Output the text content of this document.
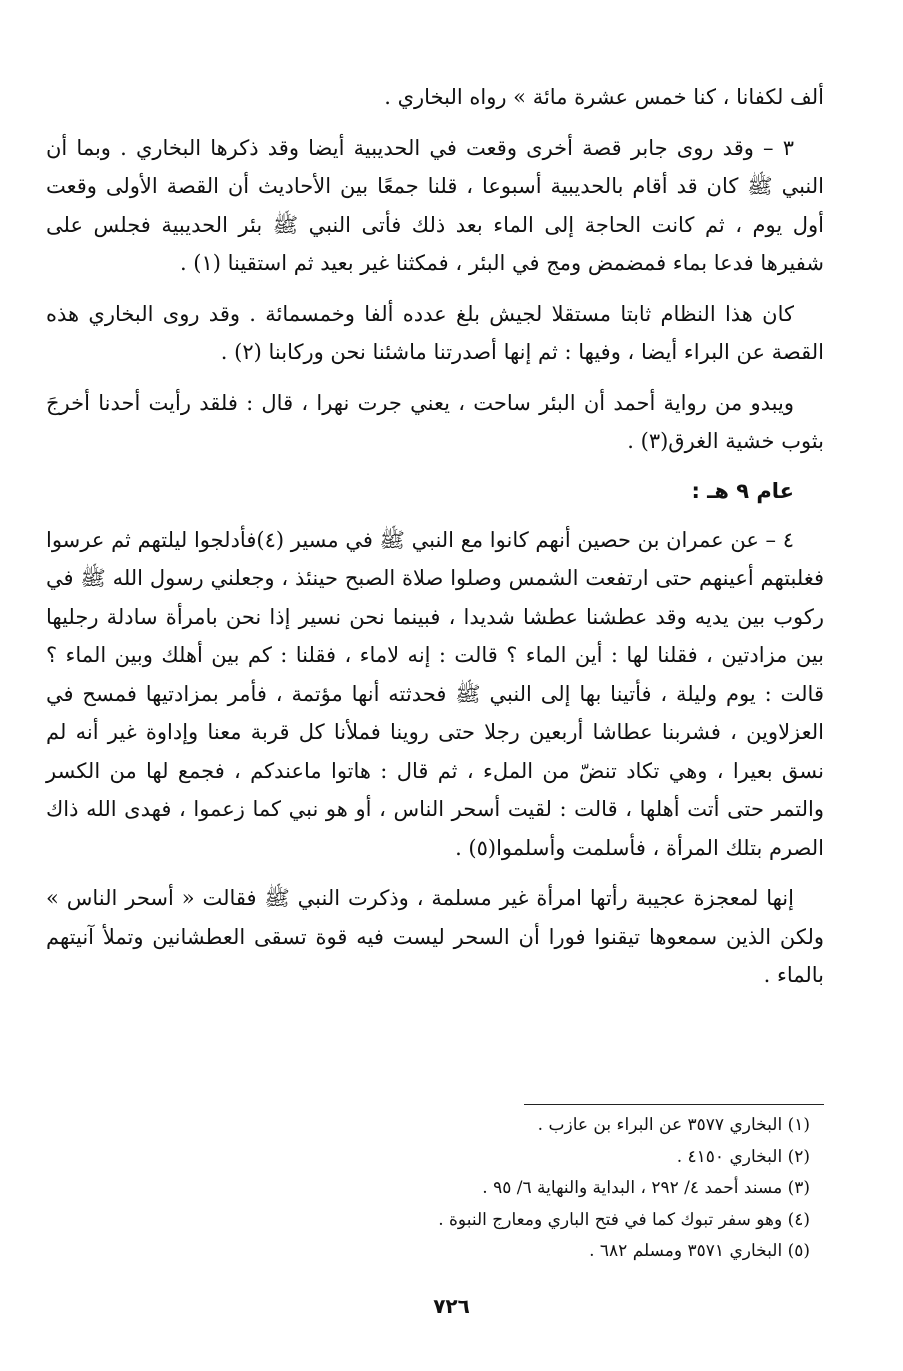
ألف لكفانا ، كنا خمس عشرة مائة » رواه البخاري .

٣ – وقد روى جابر قصة أخرى وقعت في الحديبية أيضا وقد ذكرها البخاري . وبما أن النبي ﷺ كان قد أقام بالحديبية أسبوعا ، قلنا جمعًا بين الأحاديث أن القصة الأولى وقعت أول يوم ، ثم كانت الحاجة إلى الماء بعد ذلك فأتى النبي ﷺ بئر الحديبية فجلس على شفيرها فدعا بماء فمضمض ومج في البئر ، فمكثنا غير بعيد ثم استقينا (١) .

كان هذا النظام ثابتا مستقلا لجيش بلغ عدده ألفا وخمسمائة . وقد روى البخاري هذه القصة عن البراء أيضا ، وفيها : ثم إنها أصدرتنا ماشئنا نحن وركابنا (٢) .

ويبدو من رواية أحمد أن البئر ساحت ، يعني جرت نهرا ، قال : فلقد رأيت أحدنا أخرجَ بثوب خشية الغرق(٣) .

عام ٩ هـ :

٤ – عن عمران بن حصين أنهم كانوا مع النبي ﷺ في مسير (٤)فأدلجوا ليلتهم ثم عرسوا فغلبتهم أعينهم حتى ارتفعت الشمس وصلوا صلاة الصبح حينئذ ، وجعلني رسول الله ﷺ في ركوب بين يديه وقد عطشنا عطشا شديدا ، فبينما نحن نسير إذا نحن بامرأة سادلة رجليها بين مزادتين ، فقلنا لها : أين الماء ؟ قالت : إنه لاماء ، فقلنا : كم بين أهلك وبين الماء ؟ قالت : يوم وليلة ، فأتينا بها إلى النبي ﷺ فحدثته أنها مؤتمة ، فأمر بمزادتيها فمسح في العزلاوين ، فشربنا عطاشا أربعين رجلا حتى روينا فملأنا كل قربة معنا وإداوة غير أنه لم نسق بعيرا ، وهي تكاد تنضّ من الملء ، ثم قال : هاتوا ماعندكم ، فجمع لها من الكسر والتمر حتى أتت أهلها ، قالت : لقيت أسحر الناس ، أو هو نبي كما زعموا ، فهدى الله ذاك الصرم بتلك المرأة ، فأسلمت وأسلموا(٥) .

إنها لمعجزة عجيبة رأتها امرأة غير مسلمة ، وذكرت النبي ﷺ فقالت « أسحر الناس » ولكن الذين سمعوها تيقنوا فورا أن السحر ليست فيه قوة تسقى العطشانين وتملأ آنيتهم بالماء .

(١) البخاري ٣٥٧٧ عن البراء بن عازب .
(٢) البخاري ٤١٥٠ .
(٣) مسند أحمد ٤/ ٢٩٢ ، البداية والنهاية ٦/ ٩٥ .
(٤) وهو سفر تبوك كما في فتح الباري ومعارج النبوة .
(٥) البخاري ٣٥٧١ ومسلم ٦٨٢ .
٧٢٦
